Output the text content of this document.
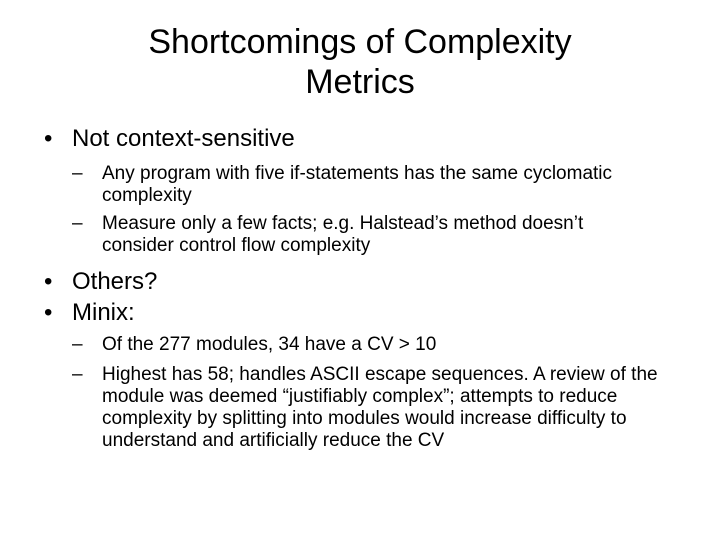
Shortcomings of Complexity
Metrics
• Not context-sensitive
– Any program with five if-statements has the same cyclomatic complexity
– Measure only a few facts; e.g. Halstead’s method doesn’t consider control flow complexity
• Others?
• Minix:
– Of the 277 modules, 34 have a CV > 10
– Highest has 58; handles ASCII escape sequences. A review of the module was deemed “justifiably complex”; attempts to reduce complexity by splitting into modules would increase difficulty to understand and artificially reduce the CV
